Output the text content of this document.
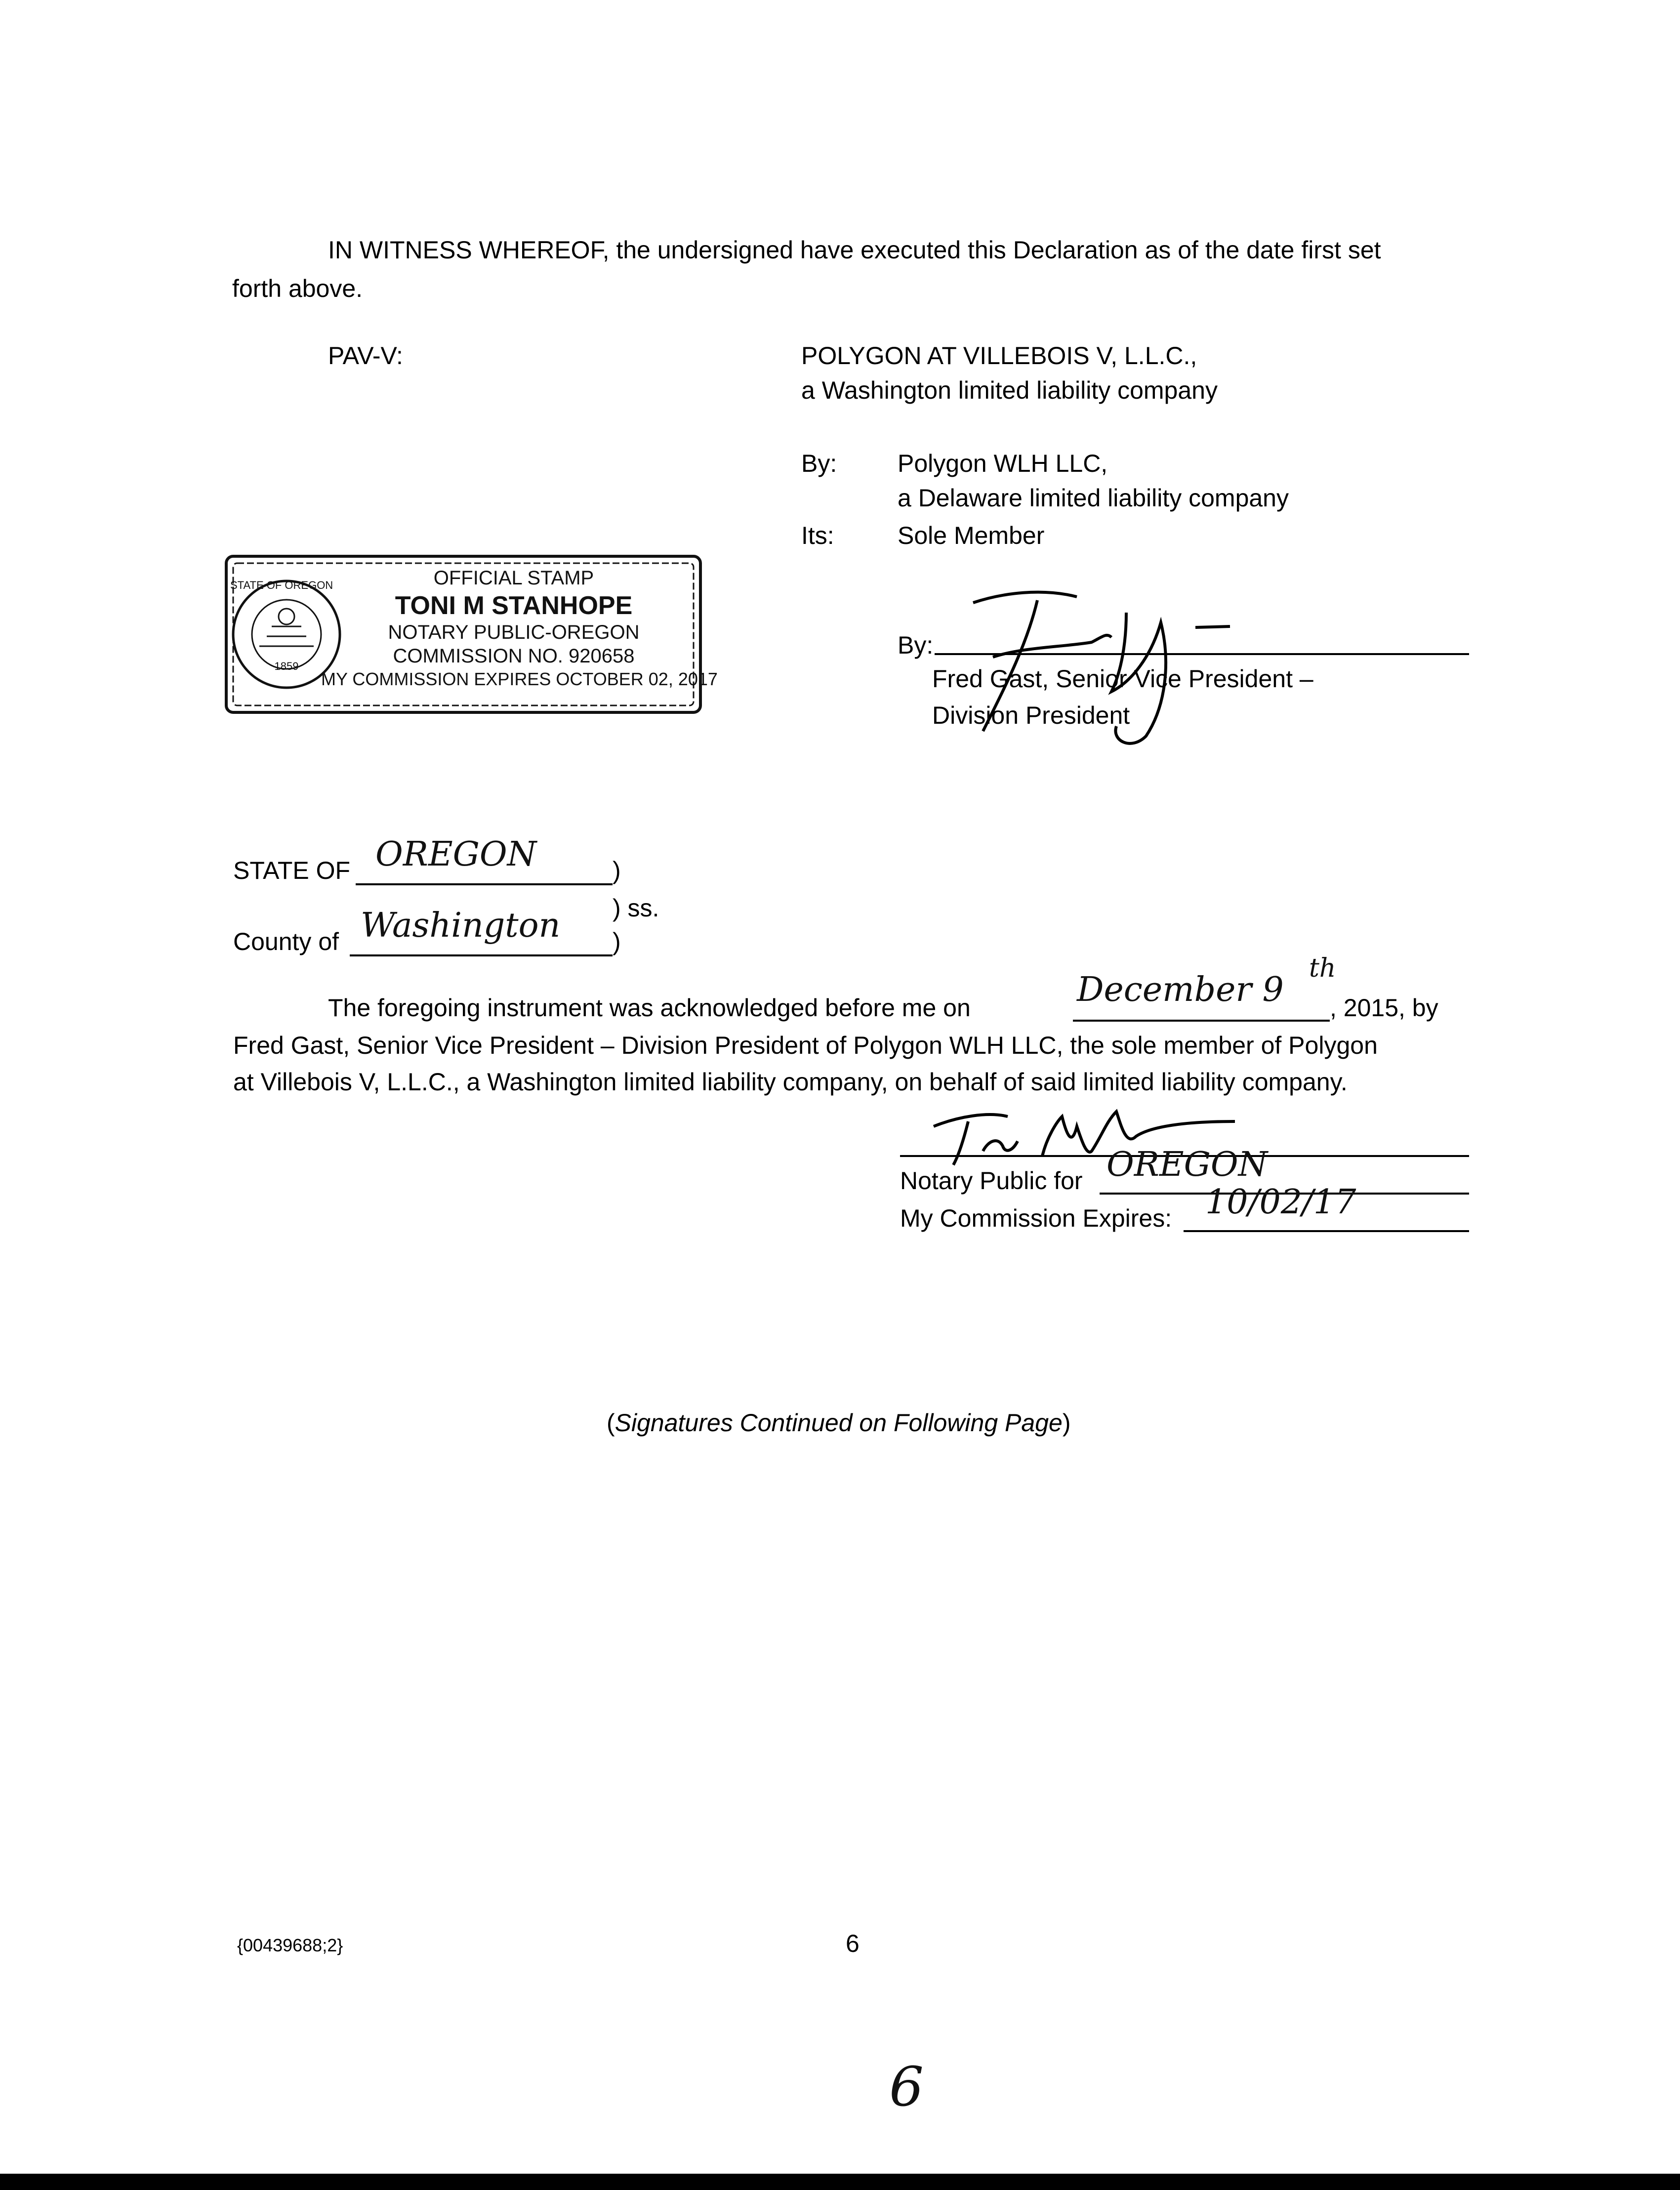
IN WITNESS WHEREOF, the undersigned have executed this Declaration as of the date first set
forth above.
PAV-V:	POLYGON AT VILLEBOIS V, L.L.C.,
a Washington limited liability company
By: Polygon WLH LLC,
a Delaware limited liability company
Its:	Sole Member
By:
Fred Gast, Senior Vice President –
Division President
STATE OF OREGON
1859
OFFICIAL STAMP
TONI M STANHOPE
NOTARY PUBLIC-OREGON
COMMISSION NO. 920658
MY COMMISSION EXPIRES OCTOBER 02, 2017
STATE OF OREGON	)
) ss.
County of Washington )
The foregoing instrument was acknowledged before me on	December 9
th
, 2015, by
Fred Gast, Senior Vice President – Division President of Polygon WLH LLC, the sole member of Polygon
at Villebois V, L.L.C., a Washington limited liability company, on behalf of said limited liability company.
Notary Public for OREGON
My Commission Expires: 10/02/17
(Signatures Continued on Following Page)
{00439688;2}	6
6
